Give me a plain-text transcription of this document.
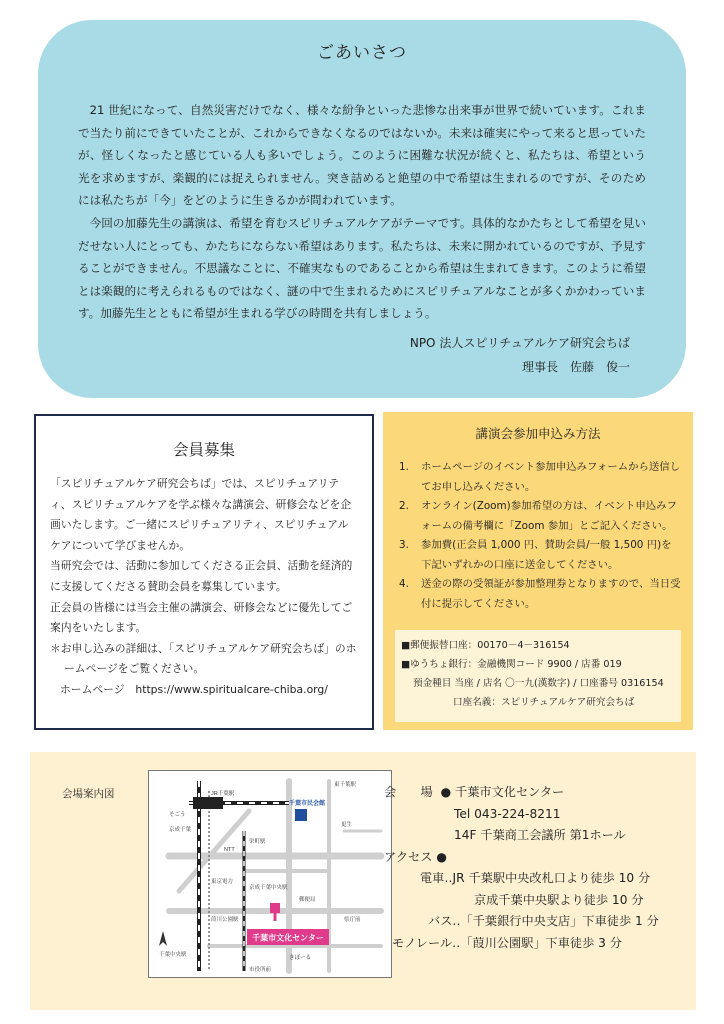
ごあいさつ

21 世紀になって、自然災害だけでなく、様々な紛争といった悲惨な出来事が世界で続いています。これまで当たり前にできていたことが、これからできなくなるのではないか。未来は確実にやって来ると思っていたが、怪しくなったと感じている人も多いでしょう。このように困難な状況が続くと、私たちは、希望という光を求めますが、楽観的には捉えられません。突き詰めると絶望の中で希望は生まれるのですが、そのためには私たちが「今」をどのように生きるかが問われています。

今回の加藤先生の講演は、希望を育むスピリチュアルケアがテーマです。具体的なかたちとして希望を見いだせない人にとっても、かたちにならない希望はあります。私たちは、未来に開かれているのですが、予見することができません。不思議なことに、不確実なものであることから希望は生まれてきます。このように希望とは楽観的に考えられるものではなく、謎の中で生まれるためにスピリチュアルなことが多くかかわっています。加藤先生とともに希望が生まれる学びの時間を共有しましょう。

NPO 法人スピリチュアルケア研究会ちば
理事長　佐藤　俊一
会員募集

「スピリチュアルケア研究会ちば」では、スピリチュアリティ、スピリチュアルケアを学ぶ様々な講演会、研修会などを企画いたします。ご一緒にスピリチュアリティ、スピリチュアルケアについて学びませんか。

当研究会では、活動に参加してくださる正会員、活動を経済的に支援してくださる賛助会員を募集しています。

正会員の皆様には当会主催の講演会、研修会などに優先してご案内をいたします。

＊お申し込みの詳細は、「スピリチュアルケア研究会ちば」のホームページをご覧ください。

ホームページ　https://www.spiritualcare-chiba.org/

講演会参加申込み方法
1.	ホームページのイベント参加申込みフォームから送信してお申し込みください。
2.	オンライン(Zoom)参加希望の方は、イベント申込みフォームの備考欄に「Zoom 参加」とご記入ください。
3.	参加費(正会員 1,000 円、賛助会員/一般 1,500 円)を下記いずれかの口座に送金してください。
4.	送金の際の受領証が参加整理券となりますので、当日受付に提示してください。
■郵便振替口座：00170－4－316154
■ゆうちょ銀行：金融機関コード 9900 / 店番 019
預金種目 当座 / 店名 〇一九(漢数字) / 口座番号 0316154
口座名義：スピリチュアルケア研究会ちば
会場案内図	JR千葉駅
そごう
京成千葉
東千葉駅
更生
NTT
栄町駅
東京電力
京成千葉中央駅
郵便局
葭川公園駅	県庁前
千葉中央駅	きぼーる
市役所前
千葉市民会館
千葉市文化センター
会　　場 ● 千葉市文化センター
Tel 043-224-8211
14F 千葉商工会議所 第1ホール
アクセス ●
電車‥JR 千葉駅中央改札口より徒歩 10 分
京成千葉中央駅より徒歩 10 分
バス‥「千葉銀行中央支店」下車徒歩 1 分
モノレール‥「葭川公園駅」下車徒歩 3 分
